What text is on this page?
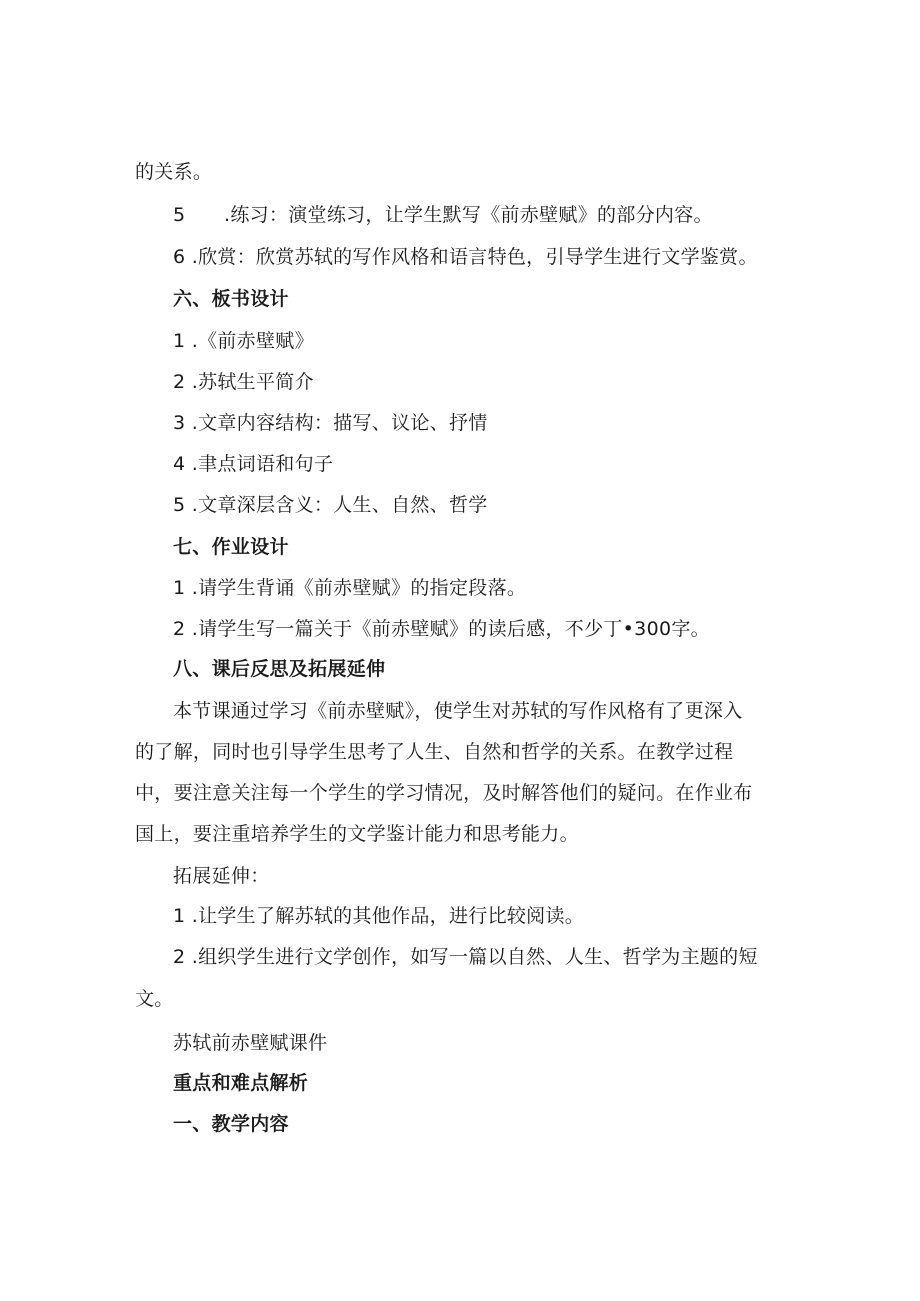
的关系。
5　　.练习：演堂练习，让学生默写《前赤壁赋》的部分内容。
6 .欣赏：欣赏苏轼的写作风格和语言特色，引导学生进行文学鉴赏。
六、板书设计
1 .《前赤壁赋》
2 .苏轼生平简介
3 .文章内容结构：描写、议论、抒情
4 .聿点词语和句子
5 .文章深层含义：人生、自然、哲学
七、作业设计
1 .请学生背诵《前赤壁赋》的指定段落。
2 .请学生写一篇关于《前赤壁赋》的读后感，不少丁•300字。
八、课后反思及拓展延伸
本节课通过学习《前赤壁赋》，使学生对苏轼的写作风格有了更深入
的了解，同时也引导学生思考了人生、自然和哲学的关系。在教学过程
中，要注意关注每一个学生的学习情况，及时解答他们的疑问。在作业布
国上，要注重培养学生的文学鉴计能力和思考能力。
拓展延伸：
1 .让学生了解苏轼的其他作品，进行比较阅读。
2 .组织学生进行文学创作，如写一篇以自然、人生、哲学为主题的短
文。
苏轼前赤壁赋课件
重点和难点解析
一、教学内容
